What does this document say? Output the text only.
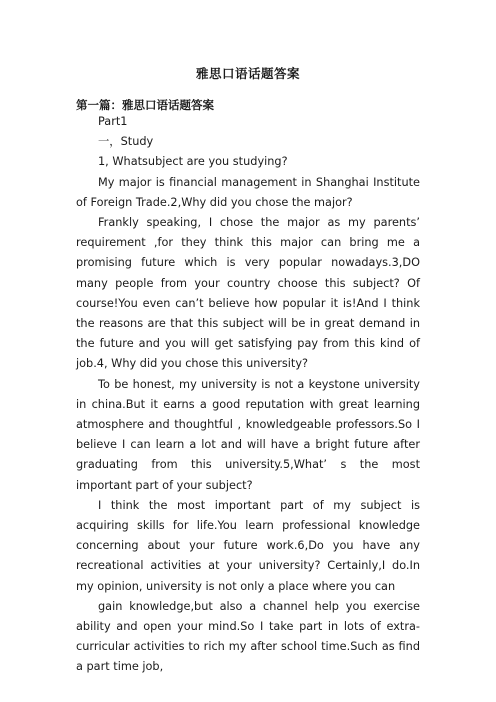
雅思口语话题答案
第一篇：雅思口语话题答案

Part1

一，Study

1, Whatsubject are you studying?

My major is financial management in Shanghai Institute of Foreign Trade.2,Why did you chose the major?

Frankly speaking, I chose the major as my parents’ requirement ,for they think this major can bring me a promising future which is very popular nowadays.3,DO many people from your country choose this subject? Of course!You even can’t believe how popular it is!And I think the reasons are that this subject will be in great demand in the future and you will get satisfying pay from this kind of job.4, Why did you chose this university?

To be honest, my university is not a keystone university in china.But it earns a good reputation with great learning atmosphere and thoughtful , knowledgeable professors.So I believe I can learn a lot and will have a bright future after graduating from this university.5,What’ s the most important part of your subject?

I think the most important part of my subject is acquiring skills for life.You learn professional knowledge concerning about your future work.6,Do you have any recreational activities at your university? Certainly,I do.In my opinion, university is not only a place where you can

gain knowledge,but also a channel help you exercise ability and open your mind.So I take part in lots of extra-curricular activities to rich my after school time.Such as find a part time job,
